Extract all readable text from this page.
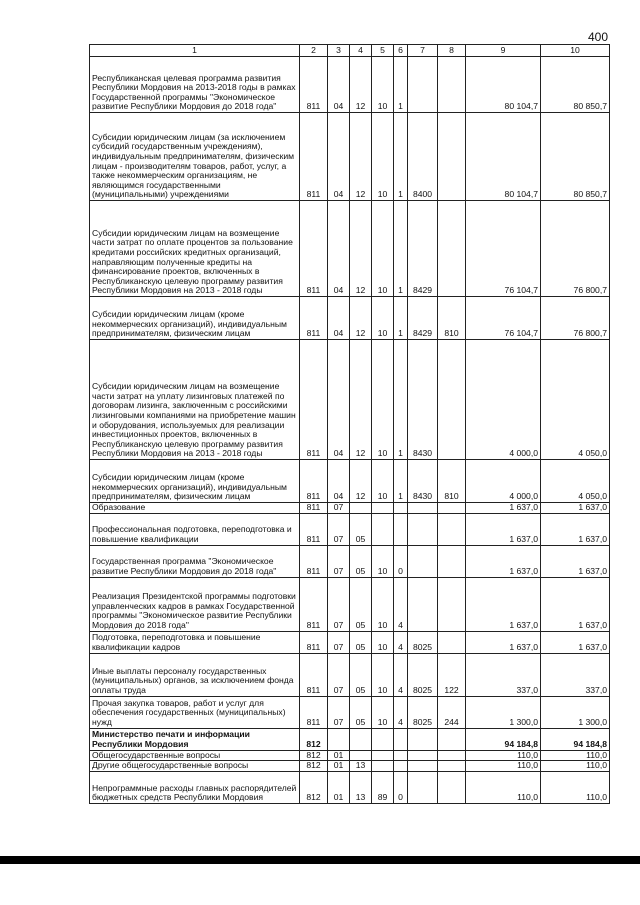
400
1	2	3	4	5	6	7	8	9	10
Республиканская целевая программа развития Республики Мордовия на 2013-2018 годы в рамках Государственной программы "Экономическое развитие Республики Мордовия до 2018 года"	811	04	12	10	1			80 104,7	80 850,7
Субсидии юридическим лицам (за исключением субсидий государственным учреждениям), индивидуальным предпринимателям, физическим лицам - производителям товаров, работ, услуг, а также некоммерческим организациям, не являющимся государственными (муниципальными) учреждениями	811	04	12	10	1	8400		80 104,7	80 850,7
Субсидии юридическим лицам на возмещение части затрат по оплате процентов за пользование кредитами российских кредитных организаций, направляющим полученные кредиты на финансирование проектов, включенных в Республиканскую целевую программу развития Республики Мордовия на 2013 - 2018 годы	811	04	12	10	1	8429		76 104,7	76 800,7
Субсидии юридическим лицам (кроме некоммерческих организаций), индивидуальным предпринимателям, физическим лицам	811	04	12	10	1	8429	810	76 104,7	76 800,7
Субсидии юридическим лицам на возмещение части затрат на уплату лизинговых платежей по договорам лизинга, заключенным с российскими лизинговыми компаниями на приобретение машин и оборудования, используемых для реализации инвестиционных проектов, включенных в Республиканскую целевую программу развития Республики Мордовия на 2013 - 2018 годы	811	04	12	10	1	8430		4 000,0	4 050,0
Субсидии юридическим лицам (кроме некоммерческих организаций), индивидуальным предпринимателям, физическим лицам	811	04	12	10	1	8430	810	4 000,0	4 050,0
Образование	811	07						1 637,0	1 637,0
Профессиональная подготовка, переподготовка и повышение квалификации	811	07	05					1 637,0	1 637,0
Государственная программа "Экономическое развитие Республики Мордовия до 2018 года"	811	07	05	10	0			1 637,0	1 637,0
Реализация Президентской программы подготовки управленческих кадров в рамках Государственной программы "Экономическое развитие Республики Мордовия до 2018 года"	811	07	05	10	4			1 637,0	1 637,0
Подготовка, переподготовка и повышение квалификации кадров	811	07	05	10	4	8025		1 637,0	1 637,0
Иные выплаты персоналу государственных (муниципальных) органов, за исключением фонда оплаты труда	811	07	05	10	4	8025	122	337,0	337,0
Прочая закупка товаров, работ и услуг для обеспечения государственных (муниципальных) нужд	811	07	05	10	4	8025	244	1 300,0	1 300,0
Министерство печати и информации Республики Мордовия	812							94 184,8	94 184,8
Общегосударственные вопросы	812	01						110,0	110,0
Другие общегосударственные вопросы	812	01	13					110,0	110,0
Непрограммные расходы главных распорядителей бюджетных средств Республики Мордовия	812	01	13	89	0			110,0	110,0
